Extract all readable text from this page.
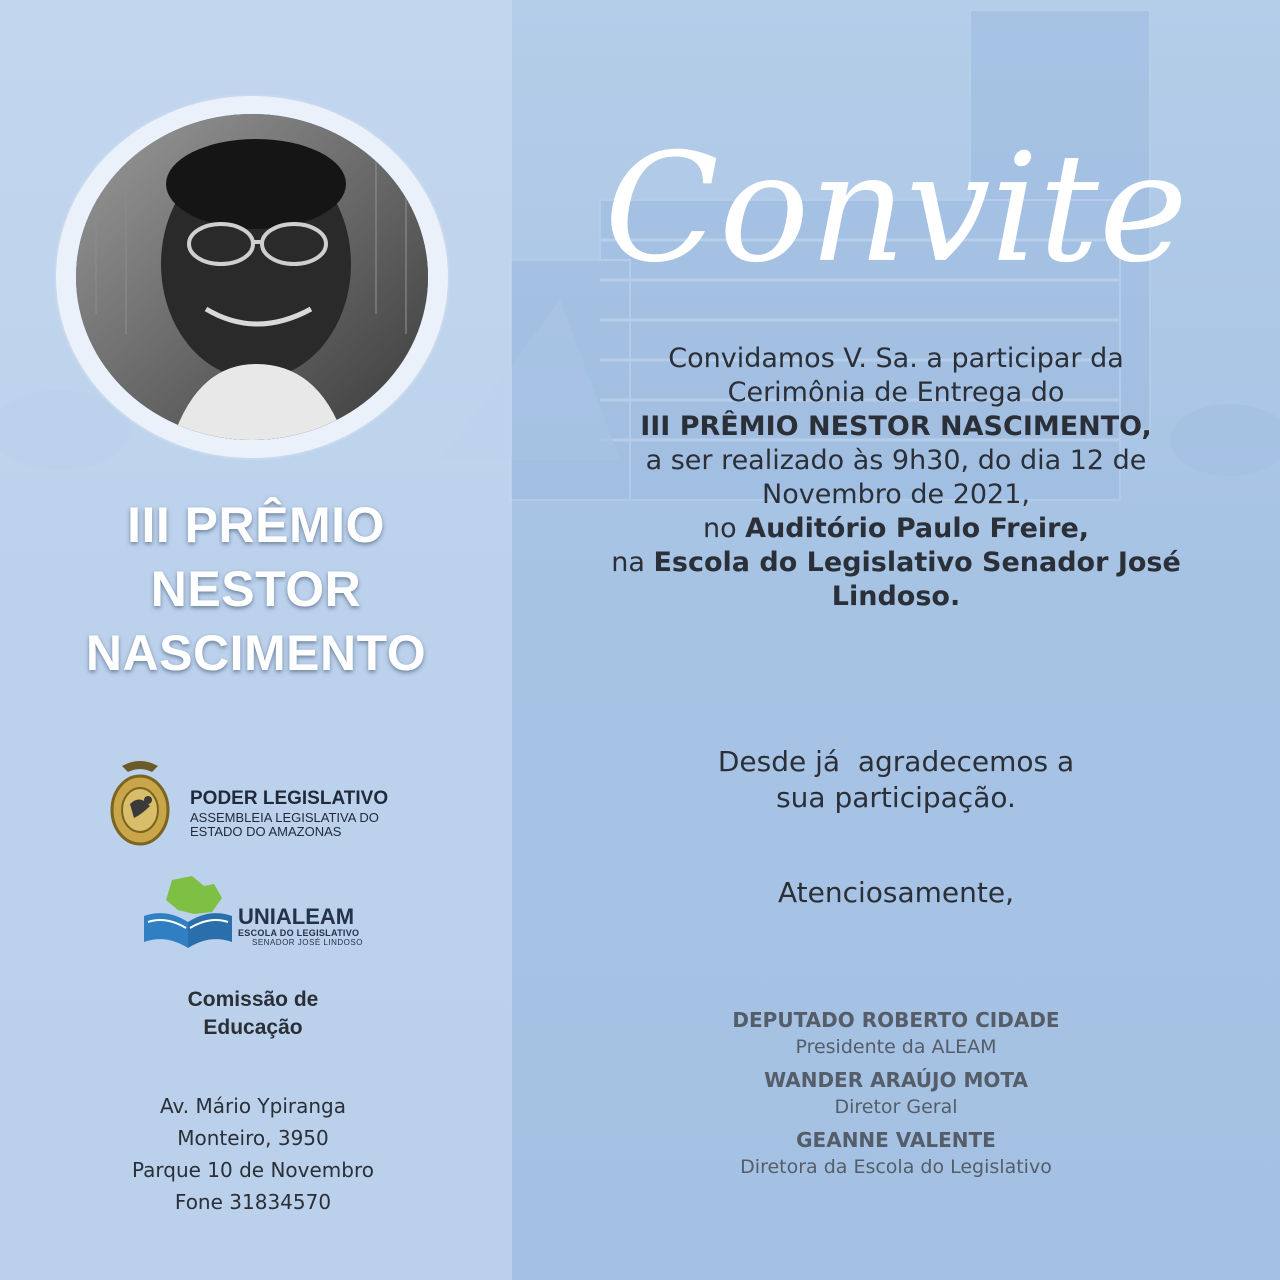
III PRÊMIO
NESTOR
NASCIMENTO
PODER LEGISLATIVO
ASSEMBLEIA LEGISLATIVA DO
ESTADO DO AMAZONAS
UNIALEAM
ESCOLA DO LEGISLATIVO
SENADOR JOSÉ LINDOSO
Comissão de
Educação
Av. Mário Ypiranga
Monteiro, 3950
Parque 10 de Novembro
Fone 31834570
Convite
Convidamos V. Sa. a participar da
Cerimônia de Entrega do
III PRÊMIO NESTOR NASCIMENTO,
a ser realizado às 9h30, do dia 12 de
Novembro de 2021,
no Auditório Paulo Freire,
na Escola do Legislativo Senador José
Lindoso.
Desde já  agradecemos a
sua participação.
Atenciosamente,
DEPUTADO ROBERTO CIDADE
Presidente da ALEAM
WANDER ARAÚJO MOTA
Diretor Geral
GEANNE VALENTE
Diretora da Escola do Legislativo
